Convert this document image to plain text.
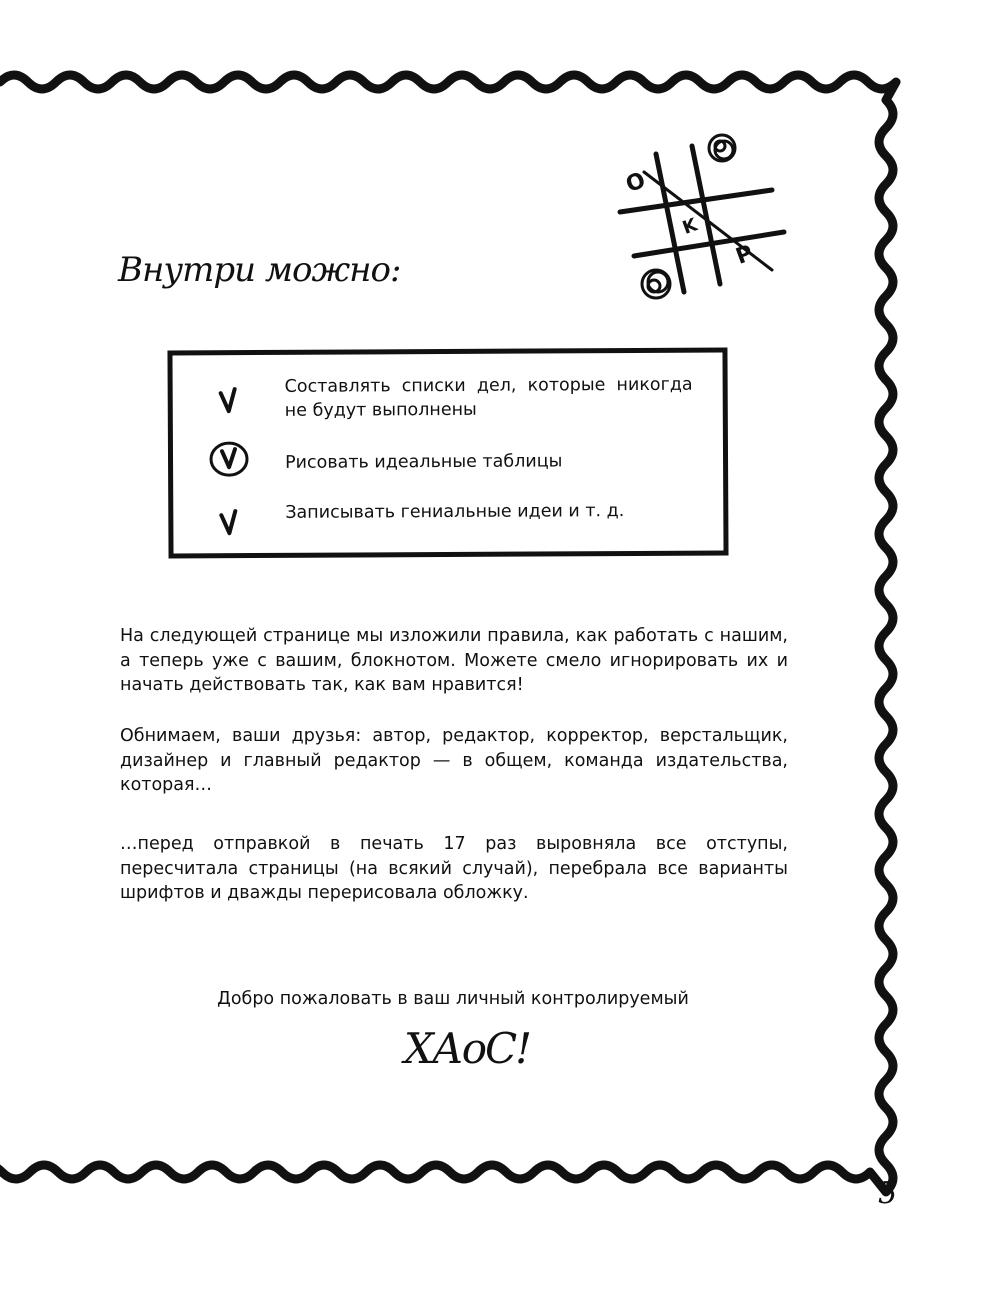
Внутри можно:
O
K
P
Составлять списки дел, которые никогда не будут выполнены
Рисовать идеальные таблицы
Записывать гениальные идеи и т. д.

На следующей странице мы изложили правила, как работать с нашим, а теперь уже с вашим, блокнотом. Можете смело игнорировать их и начать действовать так, как вам нравится!

Обнимаем, ваши друзья: автор, редактор, корректор, верстальщик, дизайнер и главный редактор — в общем, команда издательства, которая…

…перед отправкой в печать 17 раз выровняла все отступы, пересчитала страницы (на всякий случай), перебрала все варианты шрифтов и дважды перерисовала обложку.

Добро пожаловать в ваш личный контролируемый
ХАоС!
5
